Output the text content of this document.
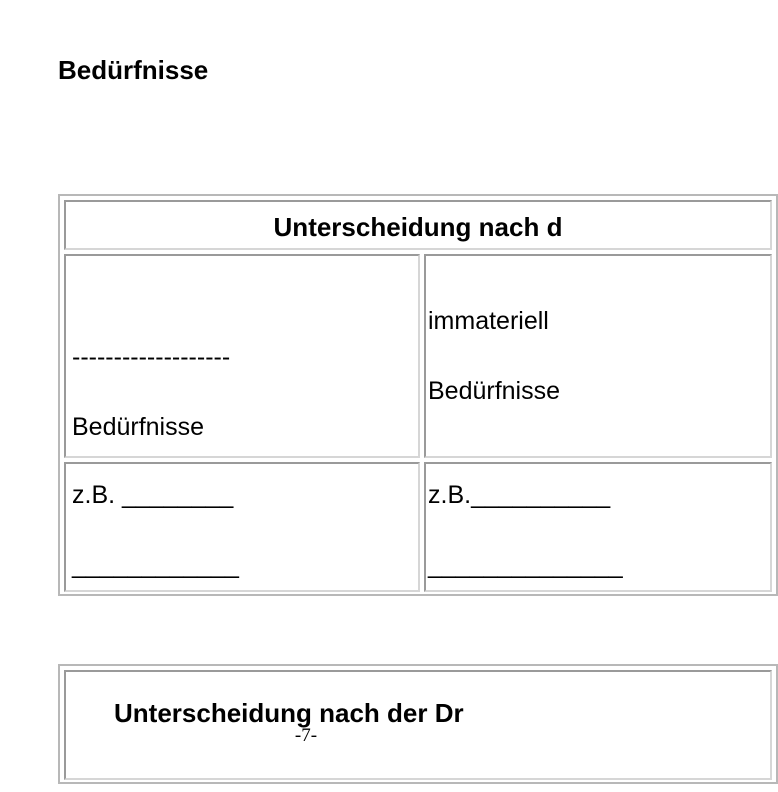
Bedürfnisse
Unterscheidung nach d
-------------------
Bedürfnisse
immateriell
Bedürfnisse
z.B. ________
____________
z.B.__________
______________
Unterscheidung nach der Dr
-7-
